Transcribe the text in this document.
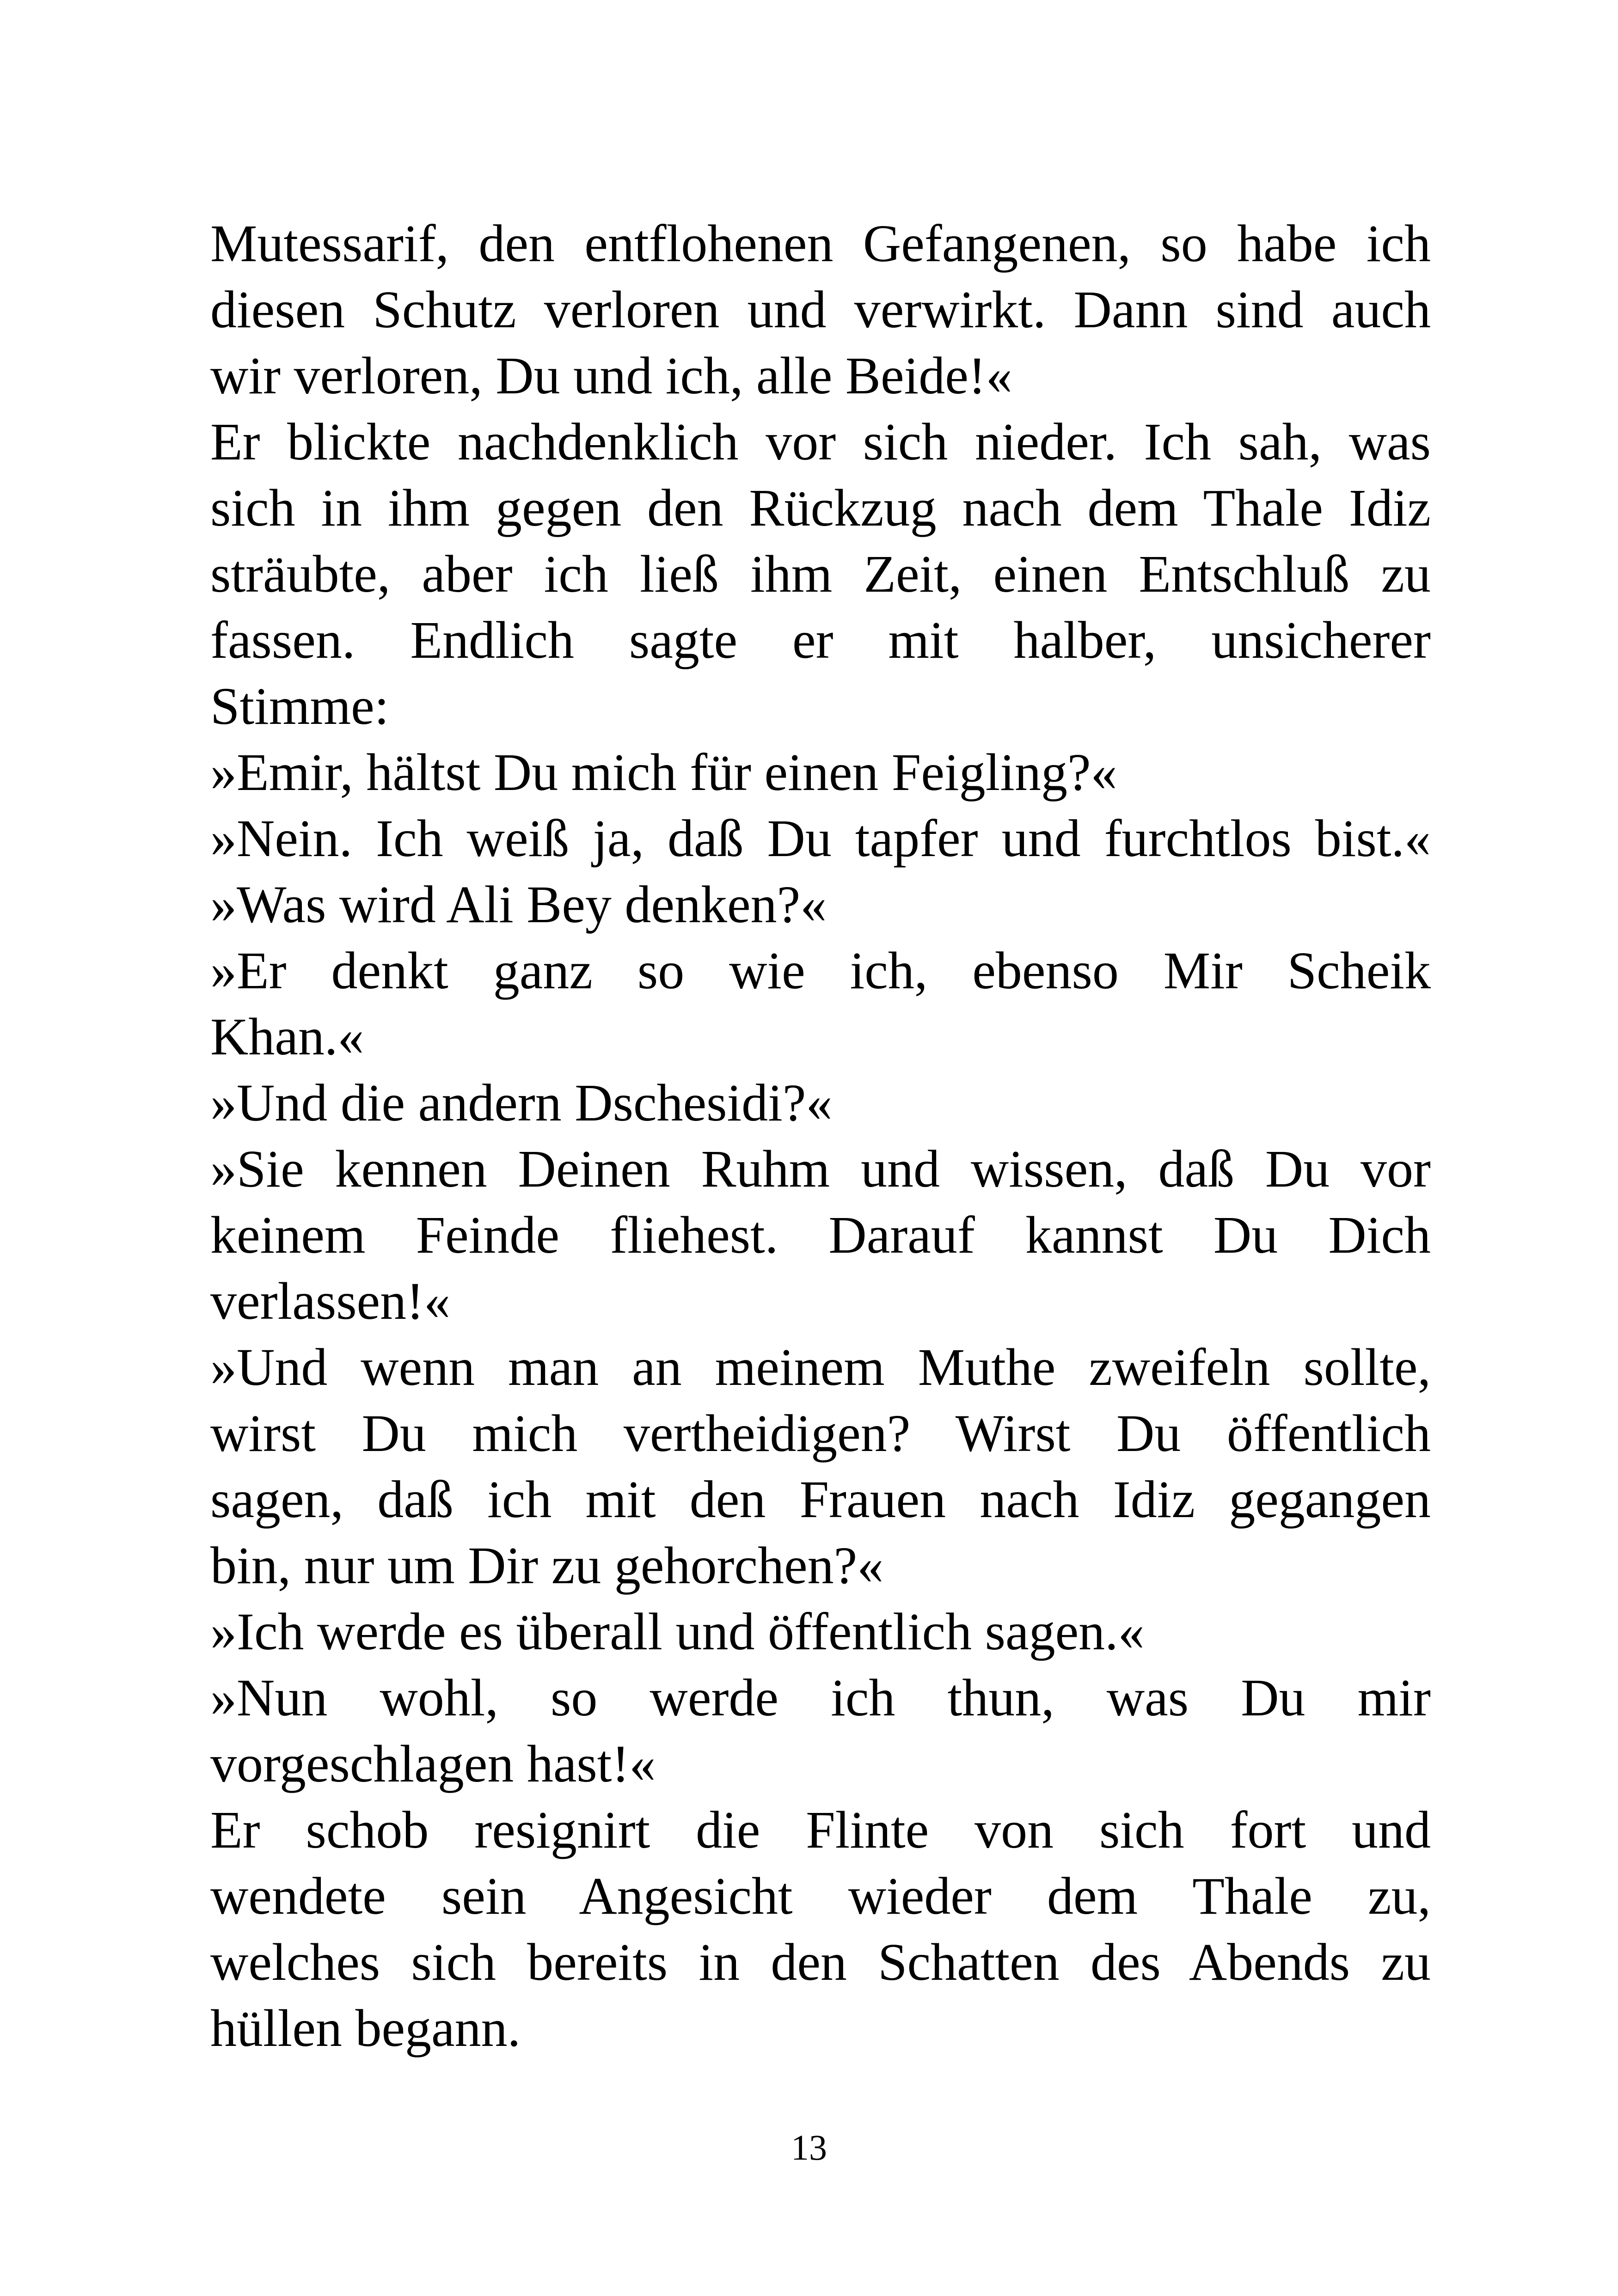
Mutessarif, den entflohenen Gefangenen, so habe ich
diesen Schutz verloren und verwirkt. Dann sind auch
wir verloren, Du und ich, alle Beide!«
Er blickte nachdenklich vor sich nieder. Ich sah, was
sich in ihm gegen den Rückzug nach dem Thale Idiz
sträubte, aber ich ließ ihm Zeit, einen Entschluß zu
fassen. Endlich sagte er mit halber, unsicherer
Stimme:
»Emir, hältst Du mich für einen Feigling?«
»Nein. Ich weiß ja, daß Du tapfer und furchtlos bist.«
»Was wird Ali Bey denken?«
»Er denkt ganz so wie ich, ebenso Mir Scheik
Khan.«
»Und die andern Dschesidi?«
»Sie kennen Deinen Ruhm und wissen, daß Du vor
keinem Feinde fliehest. Darauf kannst Du Dich
verlassen!«
»Und wenn man an meinem Muthe zweifeln sollte,
wirst Du mich vertheidigen? Wirst Du öffentlich
sagen, daß ich mit den Frauen nach Idiz gegangen
bin, nur um Dir zu gehorchen?«
»Ich werde es überall und öffentlich sagen.«
»Nun wohl, so werde ich thun, was Du mir
vorgeschlagen hast!«
Er schob resignirt die Flinte von sich fort und
wendete sein Angesicht wieder dem Thale zu,
welches sich bereits in den Schatten des Abends zu
hüllen begann.
13
